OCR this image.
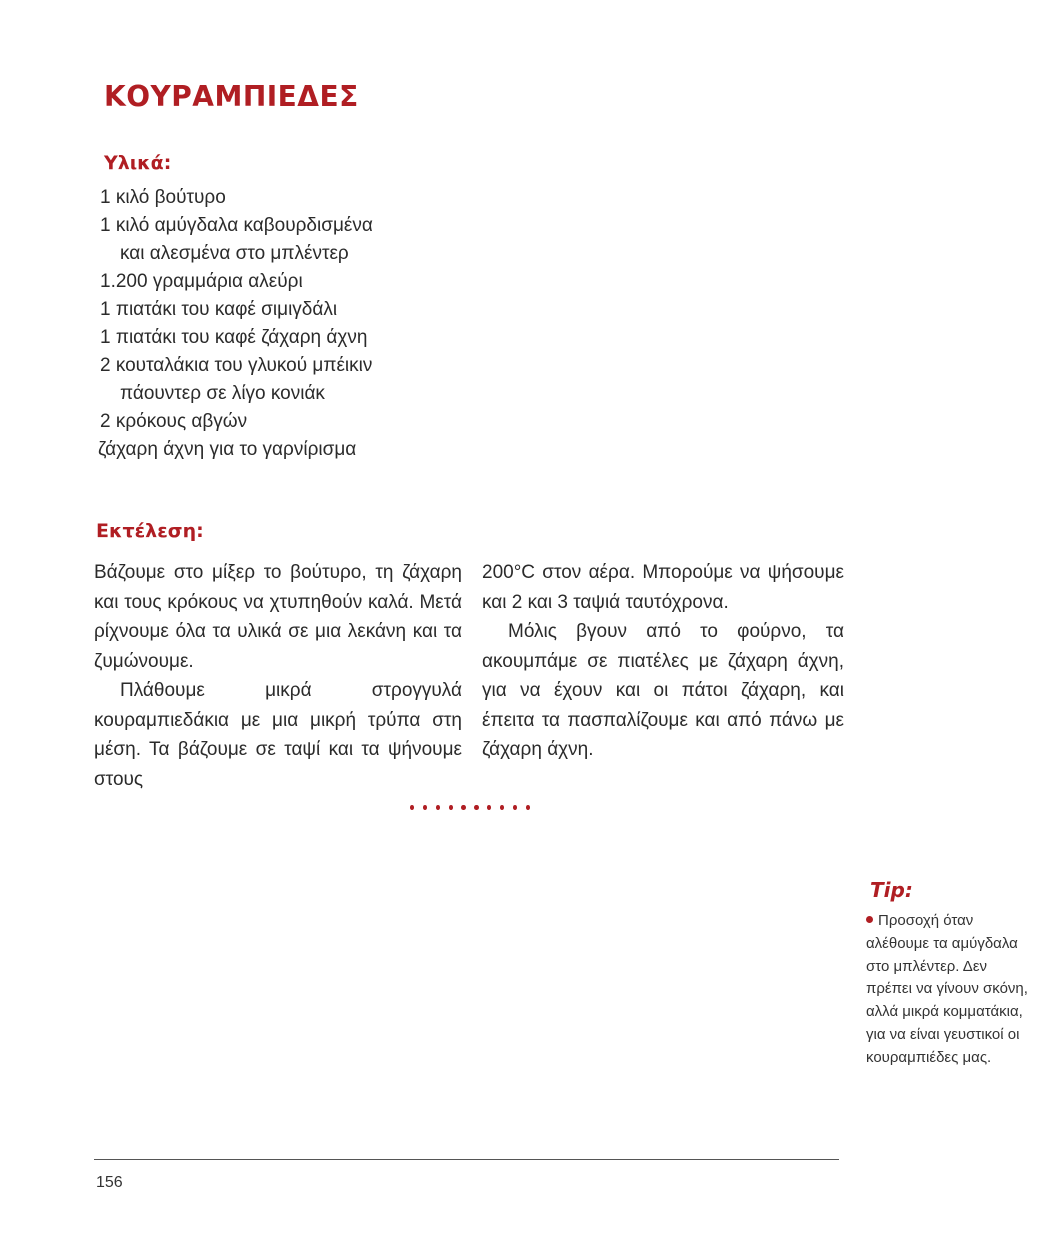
ΚΟΥΡΑΜΠΙΕΔΕΣ
Υλικά:
1 κιλό βούτυρο
1 κιλό αμύγδαλα καβουρδισμένα
και αλεσμένα στο μπλέντερ
1.200 γραμμάρια αλεύρι
1 πιατάκι του καφέ σιμιγδάλι
1 πιατάκι του καφέ ζάχαρη άχνη
2 κουταλάκια του γλυκού μπέικιν
πάουντερ σε λίγο κονιάκ
2 κρόκους αβγών
ζάχαρη άχνη για το γαρνίρισμα
Εκτέλεση:

Βάζουμε στο μίξερ το βούτυρο, τη ζάχαρη και τους κρόκους να χτυπηθούν καλά. Μετά ρίχνουμε όλα τα υλικά σε μια λεκάνη και τα ζυμώνουμε.

Πλάθουμε μικρά στρογγυλά κουραμπιεδάκια με μια μικρή τρύπα στη μέση. Τα βάζουμε σε ταψί και τα ψήνουμε στους

200°C στον αέρα. Μπορούμε να ψήσουμε και 2 και 3 ταψιά ταυτόχρονα.

Μόλις βγουν από το φούρνο, τα ακουμπάμε σε πιατέλες με ζάχαρη άχνη, για να έχουν και οι πάτοι ζάχαρη, και έπειτα τα πασπαλίζουμε και από πάνω με ζάχαρη άχνη.

Tip:

Προσοχή όταν αλέθουμε τα αμύγδαλα στο μπλέντερ. Δεν πρέπει να γίνουν σκόνη, αλλά μικρά κομματάκια, για να είναι γευστικοί οι κουραμπιέδες μας.

156
